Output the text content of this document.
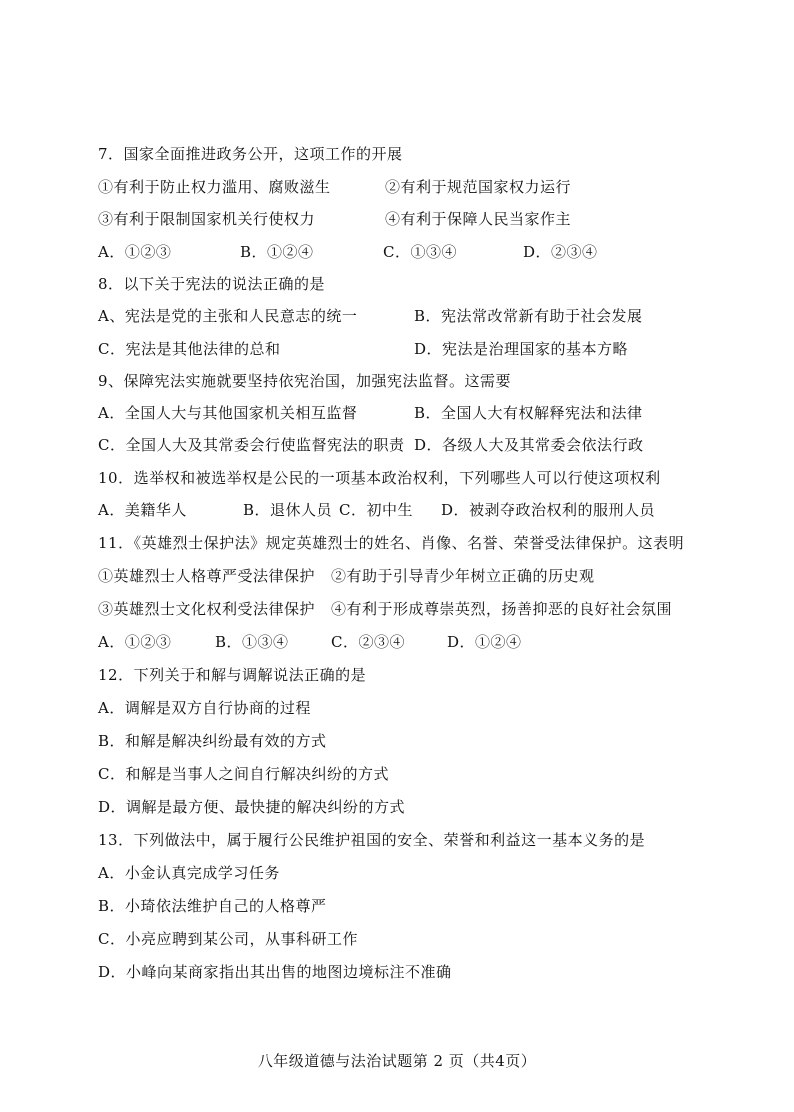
7．国家全面推进政务公开，这项工作的开展
①有利于防止权力滥用、腐败滋生	②有利于规范国家权力运行
③有利于限制国家机关行使权力	④有利于保障人民当家作主
A．①②③	B．①②④	C．①③④	D．②③④
8．以下关于宪法的说法正确的是
A、宪法是党的主张和人民意志的统一	B．宪法常改常新有助于社会发展
C．宪法是其他法律的总和	D．宪法是治理国家的基本方略
9、保障宪法实施就要坚持依宪治国，加强宪法监督。这需要
A．全国人大与其他国家机关相互监督	B．全国人大有权解释宪法和法律
C．全国人大及其常委会行使监督宪法的职责 D．各级人大及其常委会依法行政
10．选举权和被选举权是公民的一项基本政治权利，下列哪些人可以行使这项权利
A．美籍华人	B．退休人员 C．初中生 D．被剥夺政治权利的服刑人员
11．《英雄烈士保护法》规定英雄烈士的姓名、肖像、名誉、荣誉受法律保护。这表明
①英雄烈士人格尊严受法律保护 ②有助于引导青少年树立正确的历史观
③英雄烈士文化权利受法律保护 ④有利于形成尊崇英烈，扬善抑恶的良好社会氛围
A．①②③	B．①③④	C．②③④	D．①②④
12．下列关于和解与调解说法正确的是
A．调解是双方自行协商的过程
B．和解是解决纠纷最有效的方式
C．和解是当事人之间自行解决纠纷的方式
D．调解是最方便、最快捷的解决纠纷的方式
13．下列做法中，属于履行公民维护祖国的安全、荣誉和利益这一基本义务的是
A．小金认真完成学习任务
B．小琦依法维护自己的人格尊严
C．小亮应聘到某公司，从事科研工作
D．小峰向某商家指出其出售的地图边境标注不准确
八年级道德与法治试题第 2 页（共4页）
